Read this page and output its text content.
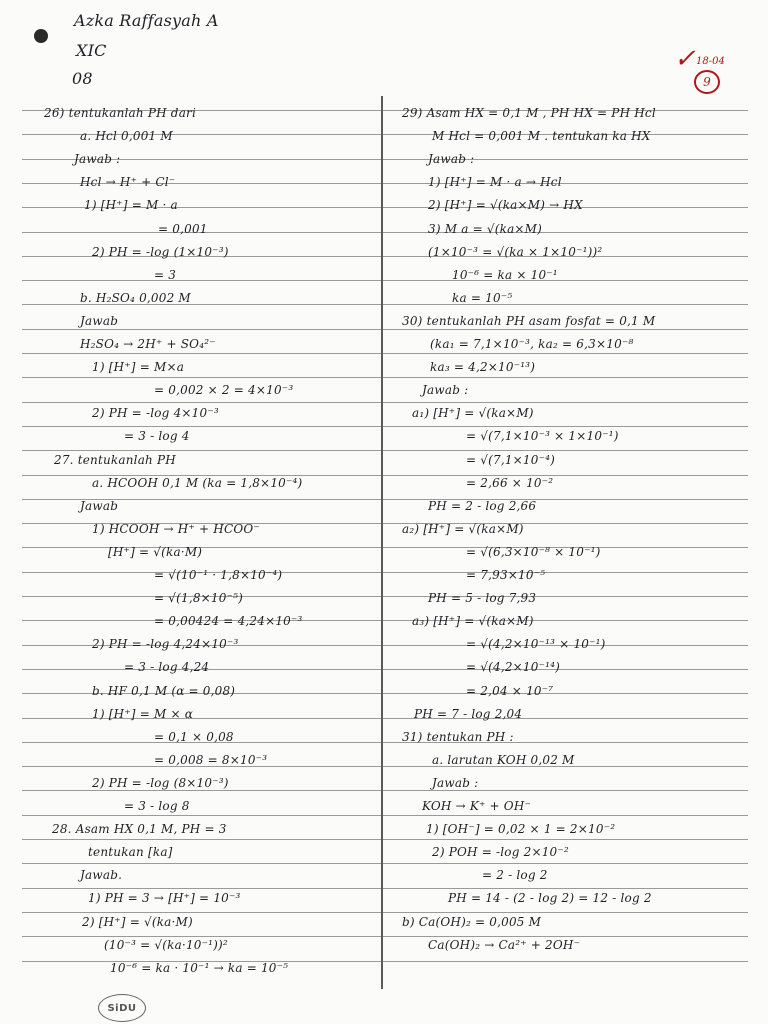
Azka Raffasyah A
XIC
08
✓ 18-04
9
26) tentukanlah PH dari
a. Hcl 0,001 M
Jawab :
Hcl → H⁺ + Cl⁻
1) [H⁺] = M · a
= 0,001
2) PH = -log (1×10⁻³)
= 3
b. H₂SO₄ 0,002 M
Jawab
H₂SO₄ → 2H⁺ + SO₄²⁻
1) [H⁺] = M×a
= 0,002 × 2 = 4×10⁻³
2) PH = -log 4×10⁻³
= 3 - log 4
27. tentukanlah PH
a. HCOOH 0,1 M (ka = 1,8×10⁻⁴)
Jawab
1) HCOOH → H⁺ + HCOO⁻
[H⁺] = √(ka·M)
= √(10⁻¹ · 1,8×10⁻⁴)
= √(1,8×10⁻⁵)
= 0,00424 = 4,24×10⁻³
2) PH = -log 4,24×10⁻³
= 3 - log 4,24
b. HF 0,1 M (α = 0,08)
1) [H⁺] = M × α
= 0,1 × 0,08
= 0,008 = 8×10⁻³
2) PH = -log (8×10⁻³)
= 3 - log 8
28. Asam HX 0,1 M, PH = 3
tentukan [ka]
Jawab.
1) PH = 3 → [H⁺] = 10⁻³
2) [H⁺] = √(ka·M)
(10⁻³ = √(ka·10⁻¹))²
10⁻⁶ = ka · 10⁻¹ → ka = 10⁻⁵
29) Asam HX = 0,1 M , PH HX = PH Hcl
M Hcl = 0,001 M . tentukan ka HX
Jawab :
1) [H⁺] = M · a → Hcl
2) [H⁺] = √(ka×M) → HX
3) M a = √(ka×M)
(1×10⁻³ = √(ka × 1×10⁻¹))²
10⁻⁶ = ka × 10⁻¹
ka = 10⁻⁵
30) tentukanlah PH asam fosfat = 0,1 M
(ka₁ = 7,1×10⁻³, ka₂ = 6,3×10⁻⁸
ka₃ = 4,2×10⁻¹³)
Jawab :
a₁) [H⁺] = √(ka×M)
= √(7,1×10⁻³ × 1×10⁻¹)
= √(7,1×10⁻⁴)
= 2,66 × 10⁻²
PH = 2 - log 2,66
a₂) [H⁺] = √(ka×M)
= √(6,3×10⁻⁸ × 10⁻¹)
= 7,93×10⁻⁵
PH = 5 - log 7,93
a₃) [H⁺] = √(ka×M)
= √(4,2×10⁻¹³ × 10⁻¹)
= √(4,2×10⁻¹⁴)
= 2,04 × 10⁻⁷
PH = 7 - log 2,04
31) tentukan PH :
a. larutan KOH 0,02 M
Jawab :
KOH → K⁺ + OH⁻
1) [OH⁻] = 0,02 × 1 = 2×10⁻²
2) POH = -log 2×10⁻²
= 2 - log 2
PH = 14 - (2 - log 2) = 12 - log 2
b) Ca(OH)₂ = 0,005 M
Ca(OH)₂ → Ca²⁺ + 2OH⁻
SiDU
